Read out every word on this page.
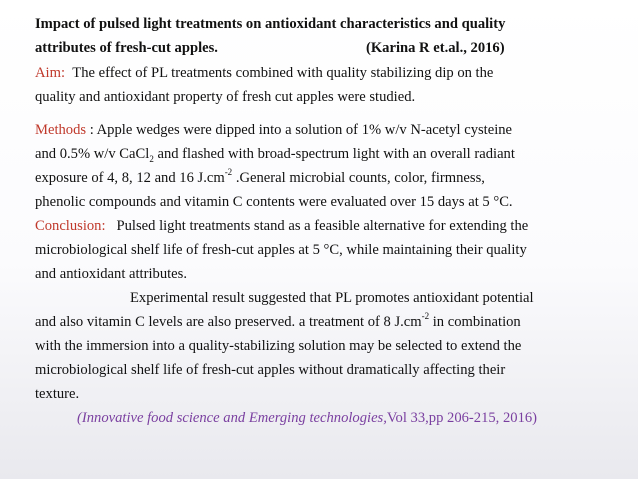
Impact of pulsed light treatments on antioxidant characteristics and quality
attributes of fresh-cut apples.	(Karina R et.al., 2016)
Aim: The effect of PL treatments combined with quality stabilizing dip on the
quality and antioxidant property of fresh cut apples were studied.
Methods : Apple wedges were dipped into a solution of 1% w/v N-acetyl cysteine
and 0.5% w/v CaCl$_2$ and flashed with broad-spectrum light with an overall radiant
exposure of 4, 8, 12 and 16 $J.cm^{-2}$ .General microbial counts, color, firmness,
phenolic compounds and vitamin C contents were evaluated over 15 days at 5 °C.
Conclusion: Pulsed light treatments stand as a feasible alternative for extending the
microbiological shelf life of fresh-cut apples at 5 °C, while maintaining their quality
and antioxidant attributes.
Experimental result suggested that PL promotes antioxidant potential
and also vitamin C levels are also preserved. a treatment of 8 $J.cm^{-2}$ in combination
with the immersion into a quality-stabilizing solution may be selected to extend the
microbiological shelf life of fresh-cut apples without dramatically affecting their
texture.
(Innovative food science and Emerging technologies,Vol 33,pp 206-215, 2016)
